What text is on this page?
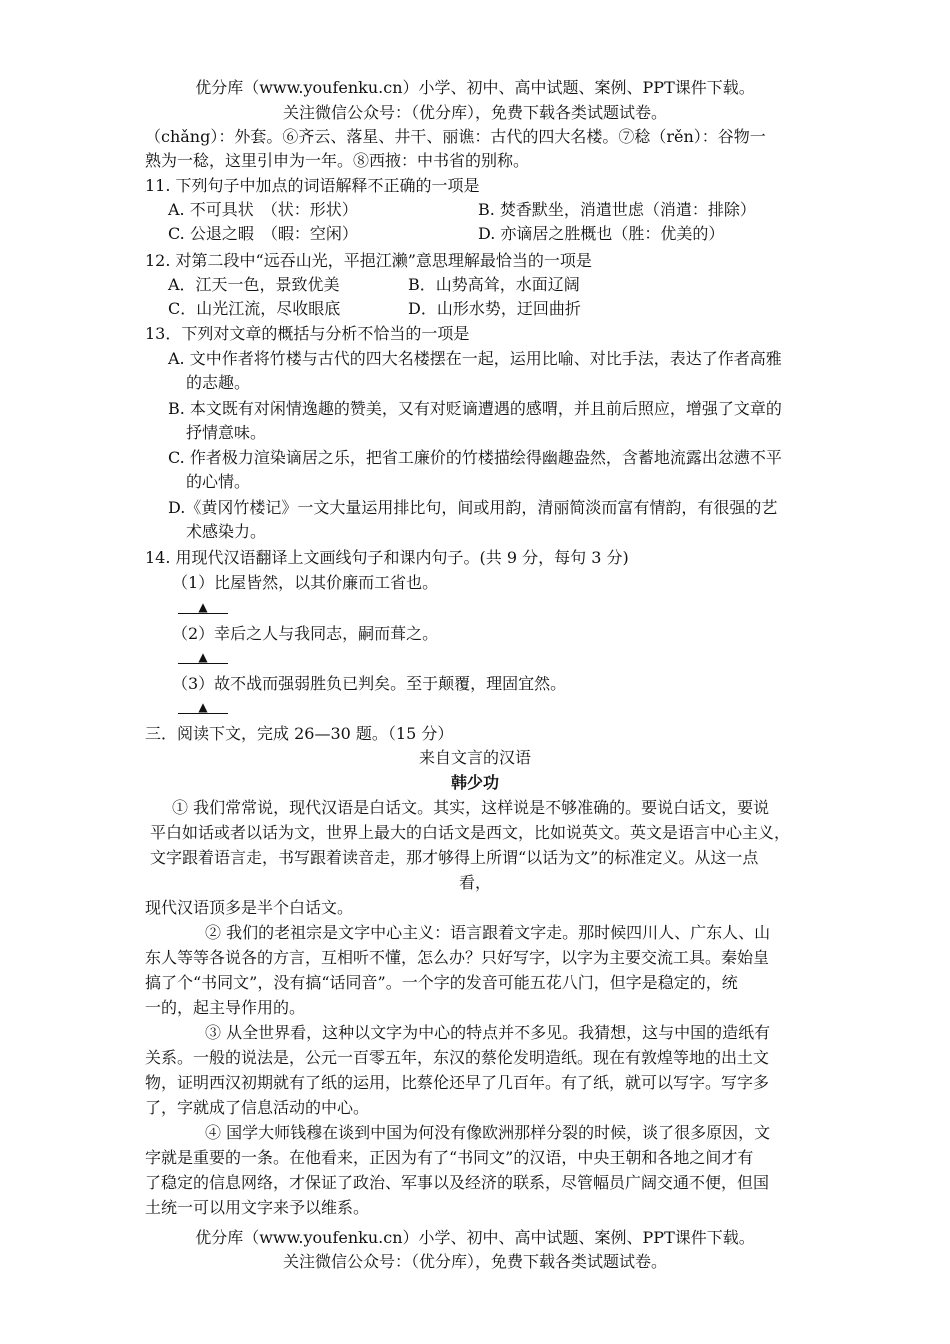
优分库（www.youfenku.cn）小学、初中、高中试题、案例、PPT课件下载。
关注微信公众号：（优分库），免费下载各类试题试卷。
（chǎng）：外套。⑥齐云、落星、井干、丽谯：古代的四大名楼。⑦稔（rěn）：谷物一
熟为一稔，这里引申为一年。⑧西掖：中书省的别称。
11. 下列句子中加点的词语解释不正确的一项是
A. 不可具状　（状：形状）	B. 焚香默坐，消遣世虑（消遣：排除）
C. 公退之暇　（暇：空闲）	D. 亦谪居之胜概也（胜：优美的）
12. 对第二段中“远吞山光，平挹江濑”意思理解最恰当的一项是
A．江天一色，景致优美	B．山势高耸，水面辽阔
C．山光江流，尽收眼底	D．山形水势，迂回曲折
13．下列对文章的概括与分析不恰当的一项是
A. 文中作者将竹楼与古代的四大名楼摆在一起，运用比喻、对比手法，表达了作者高雅
的志趣。
B. 本文既有对闲情逸趣的赞美，又有对贬谪遭遇的感喟，并且前后照应，增强了文章的
抒情意味。
C. 作者极力渲染谪居之乐，把省工廉价的竹楼描绘得幽趣盎然，含蓄地流露出忿懑不平
的心情。
D.《黄冈竹楼记》一文大量运用排比句，间或用韵，清丽简淡而富有情韵，有很强的艺
术感染力。
14. 用现代汉语翻译上文画线句子和课内句子。(共 9 分，每句 3 分)
（1）比屋皆然，以其价廉而工省也。
▲
（2）幸后之人与我同志，嗣而葺之。
▲
（3）故不战而强弱胜负已判矣。至于颠覆，理固宜然。
▲
三．阅读下文，完成 26—30 题。（15 分）
来自文言的汉语
韩少功
① 我们常常说，现代汉语是白话文。其实，这样说是不够准确的。要说白话文，要说
平白如话或者以话为文，世界上最大的白话文是西文，比如说英文。英文是语言中心主义，
文字跟着语言走，书写跟着读音走，那才够得上所谓“以话为文”的标准定义。从这一点
看，
现代汉语顶多是半个白话文。
② 我们的老祖宗是文字中心主义：语言跟着文字走。那时候四川人、广东人、山
东人等等各说各的方言，互相听不懂，怎么办？只好写字，以字为主要交流工具。秦始皇
搞了个“书同文”，没有搞“话同音”。一个字的发音可能五花八门，但字是稳定的，统
一的，起主导作用的。
③ 从全世界看，这种以文字为中心的特点并不多见。我猜想，这与中国的造纸有
关系。一般的说法是，公元一百零五年，东汉的蔡伦发明造纸。现在有敦煌等地的出土文
物，证明西汉初期就有了纸的运用，比蔡伦还早了几百年。有了纸，就可以写字。写字多
了，字就成了信息活动的中心。
④ 国学大师钱穆在谈到中国为何没有像欧洲那样分裂的时候，谈了很多原因，文
字就是重要的一条。在他看来，正因为有了“书同文”的汉语，中央王朝和各地之间才有
了稳定的信息网络，才保证了政治、军事以及经济的联系，尽管幅员广阔交通不便，但国
土统一可以用文字来予以维系。
优分库（www.youfenku.cn）小学、初中、高中试题、案例、PPT课件下载。
关注微信公众号：（优分库），免费下载各类试题试卷。
